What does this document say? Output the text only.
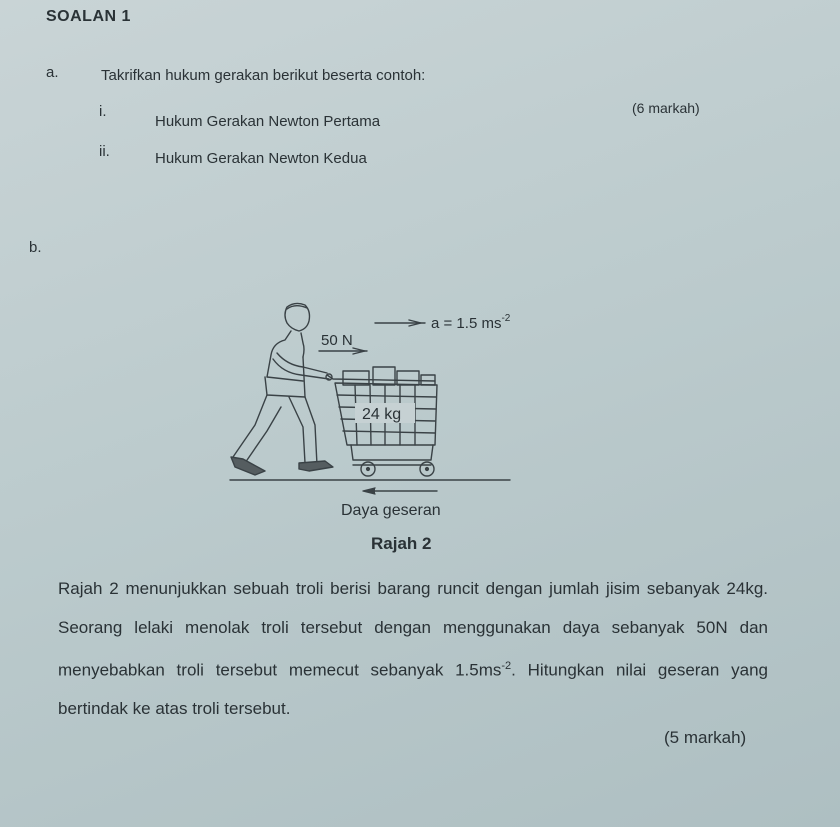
SOALAN 1
a.	Takrifkan hukum gerakan berikut beserta contoh:
(6 markah)
i.
Hukum Gerakan Newton Pertama
ii.	Hukum Gerakan Newton Kedua
b.
a = 1.5 $ms^{-2}$
50 N
24 kg
Daya geseran
Rajah 2
Rajah 2 menunjukkan sebuah troli berisi barang runcit dengan jumlah jisim sebanyak 24kg. Seorang lelaki menolak troli tersebut dengan menggunakan daya sebanyak 50N dan menyebabkan troli tersebut memecut sebanyak $1.5ms^{-2}$. Hitungkan nilai geseran yang bertindak ke atas troli tersebut.
(5 markah)
